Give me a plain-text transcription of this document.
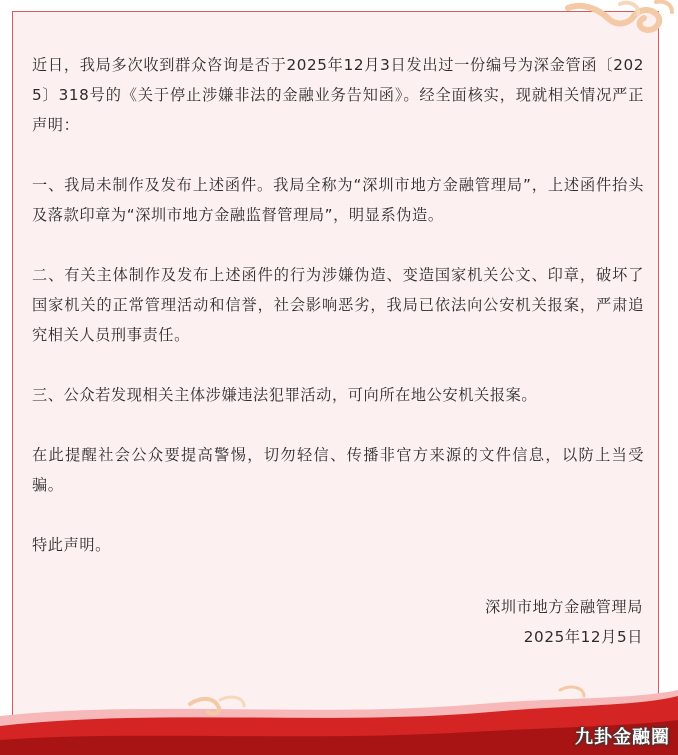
近日，我局多次收到群众咨询是否于2025年12月3日发出过一份编号为深金管函〔2025〕318号的《关于停止涉嫌非法的金融业务告知函》。经全面核实，现就相关情况严正声明：

一、我局未制作及发布上述函件。我局全称为“深圳市地方金融管理局”，上述函件抬头及落款印章为“深圳市地方金融监督管理局”，明显系伪造。

二、有关主体制作及发布上述函件的行为涉嫌伪造、变造国家机关公文、印章，破坏了国家机关的正常管理活动和信誉，社会影响恶劣，我局已依法向公安机关报案，严肃追究相关人员刑事责任。

三、公众若发现相关主体涉嫌违法犯罪活动，可向所在地公安机关报案。

在此提醒社会公众要提高警惕，切勿轻信、传播非官方来源的文件信息，以防上当受骗。

特此声明。

深圳市地方金融管理局

2025年12月5日

九卦金融圈
